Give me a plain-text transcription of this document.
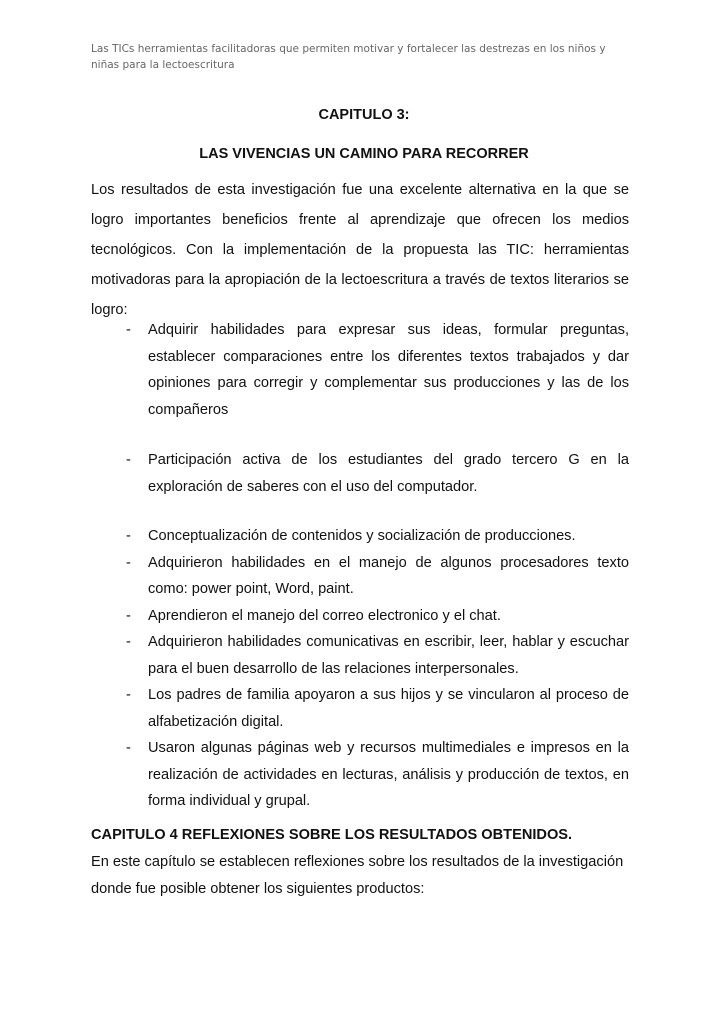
Las TICs herramientas facilitadoras que permiten motivar y fortalecer las destrezas en los niños y niñas para la lectoescritura
CAPITULO 3:
LAS VIVENCIAS UN CAMINO PARA RECORRER
Los resultados de esta investigación fue una excelente alternativa en la que se logro importantes beneficios frente al aprendizaje que ofrecen los medios tecnológicos. Con la implementación de la propuesta las TIC: herramientas motivadoras para la apropiación de la lectoescritura a través de textos literarios se logro:
- Adquirir habilidades para expresar sus ideas, formular preguntas, establecer comparaciones entre los diferentes textos trabajados y dar opiniones para corregir y complementar sus producciones y las de los compañeros
- Participación activa de los estudiantes del grado tercero G en la exploración de saberes con el uso del computador.
- Conceptualización de contenidos y socialización de producciones.
- Adquirieron habilidades en el manejo de algunos procesadores texto como: power point, Word, paint.
- Aprendieron el manejo del correo electronico y el chat.
- Adquirieron habilidades comunicativas en escribir, leer, hablar y escuchar para el buen desarrollo de las relaciones interpersonales.
- Los padres de familia apoyaron a sus hijos y se vincularon al proceso de alfabetización digital.
- Usaron algunas páginas web y recursos multimediales e impresos en la realización de actividades en lecturas, análisis y producción de textos, en forma individual y grupal.
CAPITULO 4 REFLEXIONES SOBRE LOS RESULTADOS OBTENIDOS.
En este capítulo se establecen reflexiones sobre los resultados de la investigación donde fue posible obtener los siguientes productos:
